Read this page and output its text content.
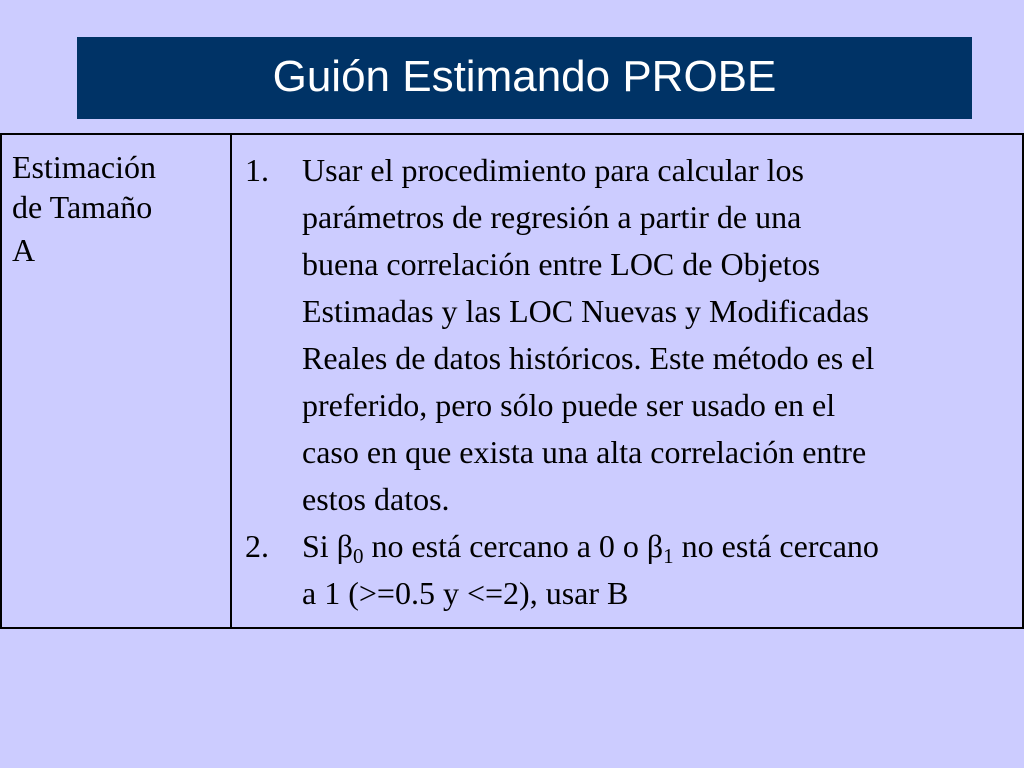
Guión Estimando PROBE
Estimación
de Tamaño
A

1. Usar el procedimiento para calcular los
parámetros de regresión a partir de una
buena correlación entre LOC de Objetos
Estimadas y las LOC Nuevas y Modificadas
Reales de datos históricos. Este método es el
preferido, pero sólo puede ser usado en el
caso en que exista una alta correlación entre
estos datos.
2. Si $\beta_0$ no está cercano a 0 o $\beta_1$ no está cercano
a 1 (>=0.5 y <=2), usar B
